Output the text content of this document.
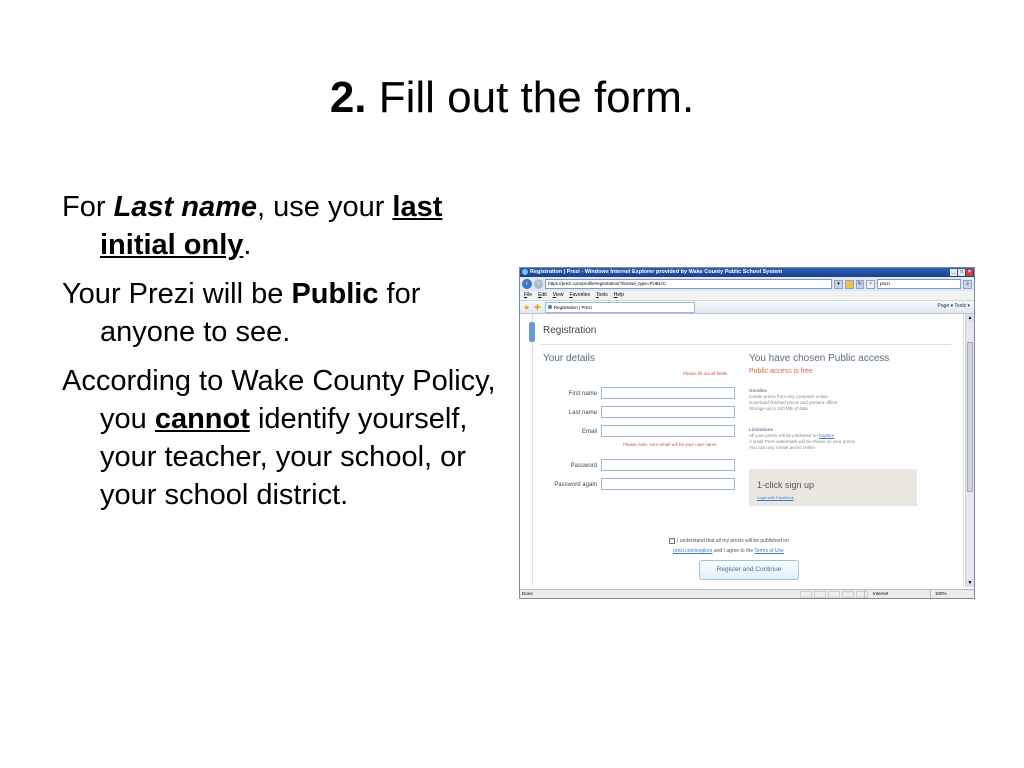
2. Fill out the form.

For Last name, use your last initial only.

Your Prezi will be Public for anyone to see.

According to Wake County Policy, you cannot identify yourself, your teacher, your school, or your school district.

Registration | Prezi - Windows Internet Explorer provided by Wake County Public School System	_	□	×
‹	›	https://prezi.com/profile/registration/?license_type=PUBLIC	▾	↻	×	prezi	⌕
File Edit View Favorites Tools Help
★ ✚	Registration | Prezi	Page ▾ Tools ▾
Registration
Your details
Please fill out all fields
First name
Last name
Email
Please note: Your email will be your user name
Password
Password again
You have chosen Public access
Public access is free
Goodies
Create prezis from any computer online
Download finished prezis and present offline
Storage up to 100 MB of data
Limitations
All your prezis will be published on Explore
A small Prezi watermark will be shown on your prezis
You can only create prezis online
1-click sign up
Login with Facebook
I understand that all my prezis will be published on
prezi.com/explore and I agree to the Terms of Use
Register and Continue
▲
▼
Done	Internet	100%
